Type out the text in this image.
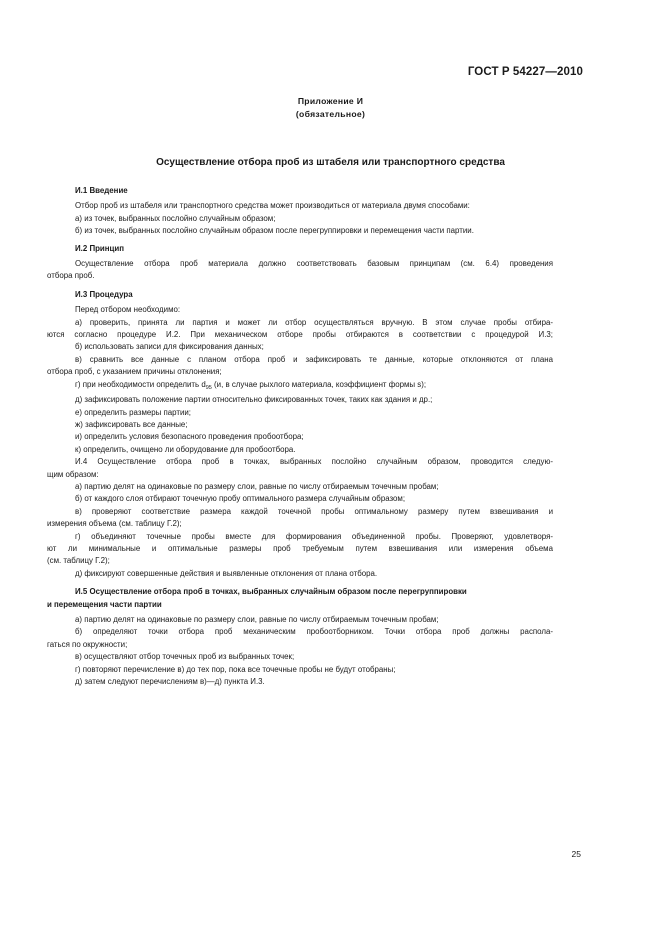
ГОСТ Р 54227—2010
Приложение И
(обязательное)
Осуществление отбора проб из штабеля или транспортного средства

И.1 Введение

Отбор проб из штабеля или транспортного средства может производиться от материала двумя способами:

а) из точек, выбранных послойно случайным образом;

б) из точек, выбранных послойно случайным образом после перегруппировки и перемещения части партии.

И.2 Принцип

Осуществление отбора проб материала должно соответствовать базовым принципам (см. 6.4) проведения

отбора проб.

И.3 Процедура

Перед отбором необходимо:

а) проверить, принята ли партия и может ли отбор осуществляться вручную. В этом случае пробы отбира-

ются согласно процедуре И.2. При механическом отборе пробы отбираются в соответствии с процедурой И.3;

б) использовать записи для фиксирования данных;

в) сравнить все данные с планом отбора проб и зафиксировать те данные, которые отклоняются от плана

отбора проб, с указанием причины отклонения;

г) при необходимости определить $d_{95}$ (и, в случае рыхлого материала, коэффициент формы s);

д) зафиксировать положение партии относительно фиксированных точек, таких как здания и др.;

е) определить размеры партии;

ж) зафиксировать все данные;

и) определить условия безопасного проведения пробоотбора;

к) определить, очищено ли оборудование для пробоотбора.

И.4 Осуществление отбора проб в точках, выбранных послойно случайным образом, проводится следую-

щим образом:

а) партию делят на одинаковые по размеру слои, равные по числу отбираемым точечным пробам;

б) от каждого слоя отбирают точечную пробу оптимального размера случайным образом;

в) проверяют соответствие размера каждой точечной пробы оптимальному размеру путем взвешивания и

измерения объема (см. таблицу Г.2);

г) объединяют точечные пробы вместе для формирования объединенной пробы. Проверяют, удовлетворя-

ют ли минимальные и оптимальные размеры проб требуемым путем взвешивания или измерения объема

(см. таблицу Г.2);

д) фиксируют совершенные действия и выявленные отклонения от плана отбора.

И.5 Осуществление отбора проб в точках, выбранных случайным образом после перегруппировки

и перемещения части партии

а) партию делят на одинаковые по размеру слои, равные по числу отбираемым точечным пробам;

б) определяют точки отбора проб механическим пробоотборником. Точки отбора проб должны распола-

гаться по окружности;

в) осуществляют отбор точечных проб из выбранных точек;

г) повторяют перечисление в) до тех пор, пока все точечные пробы не будут отобраны;

д) затем следуют перечислениям в)—д) пункта И.3.

25
